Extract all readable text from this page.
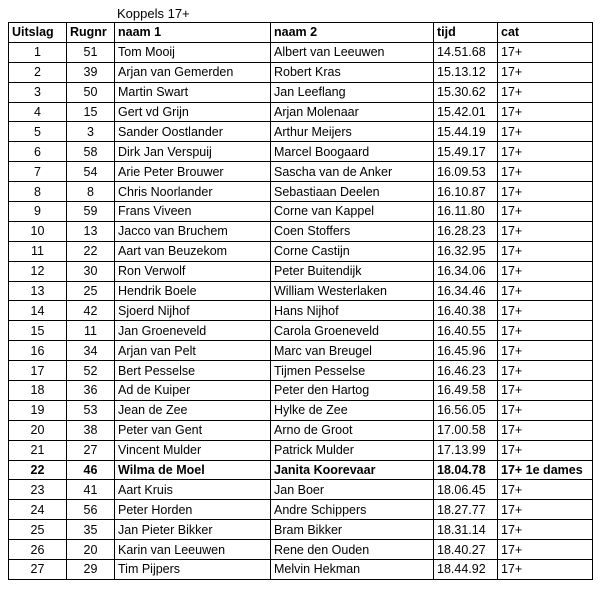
Koppels 17+
Uitslag	Rugnr	naam 1	naam 2	tijd	cat
1	51	Tom Mooij	Albert van Leeuwen	14.51.68	17+
2	39	Arjan van Gemerden	Robert Kras	15.13.12	17+
3	50	Martin Swart	Jan Leeflang	15.30.62	17+
4	15	Gert vd Grijn	Arjan Molenaar	15.42.01	17+
5	3	Sander Oostlander	Arthur Meijers	15.44.19	17+
6	58	Dirk Jan Verspuij	Marcel Boogaard	15.49.17	17+
7	54	Arie Peter Brouwer	Sascha van de Anker	16.09.53	17+
8	8	Chris Noorlander	Sebastiaan Deelen	16.10.87	17+
9	59	Frans Viveen	Corne van Kappel	16.11.80	17+
10	13	Jacco van Bruchem	Coen Stoffers	16.28.23	17+
11	22	Aart van Beuzekom	Corne Castijn	16.32.95	17+
12	30	Ron Verwolf	Peter Buitendijk	16.34.06	17+
13	25	Hendrik Boele	William Westerlaken	16.34.46	17+
14	42	Sjoerd Nijhof	Hans Nijhof	16.40.38	17+
15	11	Jan Groeneveld	Carola Groeneveld	16.40.55	17+
16	34	Arjan van Pelt	Marc van Breugel	16.45.96	17+
17	52	Bert Pesselse	Tijmen Pesselse	16.46.23	17+
18	36	Ad de Kuiper	Peter den Hartog	16.49.58	17+
19	53	Jean de Zee	Hylke de Zee	16.56.05	17+
20	38	Peter van Gent	Arno de Groot	17.00.58	17+
21	27	Vincent Mulder	Patrick Mulder	17.13.99	17+
22	46	Wilma de Moel	Janita Koorevaar	18.04.78	17+ 1e dames
23	41	Aart Kruis	Jan Boer	18.06.45	17+
24	56	Peter Horden	Andre Schippers	18.27.77	17+
25	35	Jan Pieter Bikker	Bram Bikker	18.31.14	17+
26	20	Karin van Leeuwen	Rene den Ouden	18.40.27	17+
27	29	Tim Pijpers	Melvin Hekman	18.44.92	17+
